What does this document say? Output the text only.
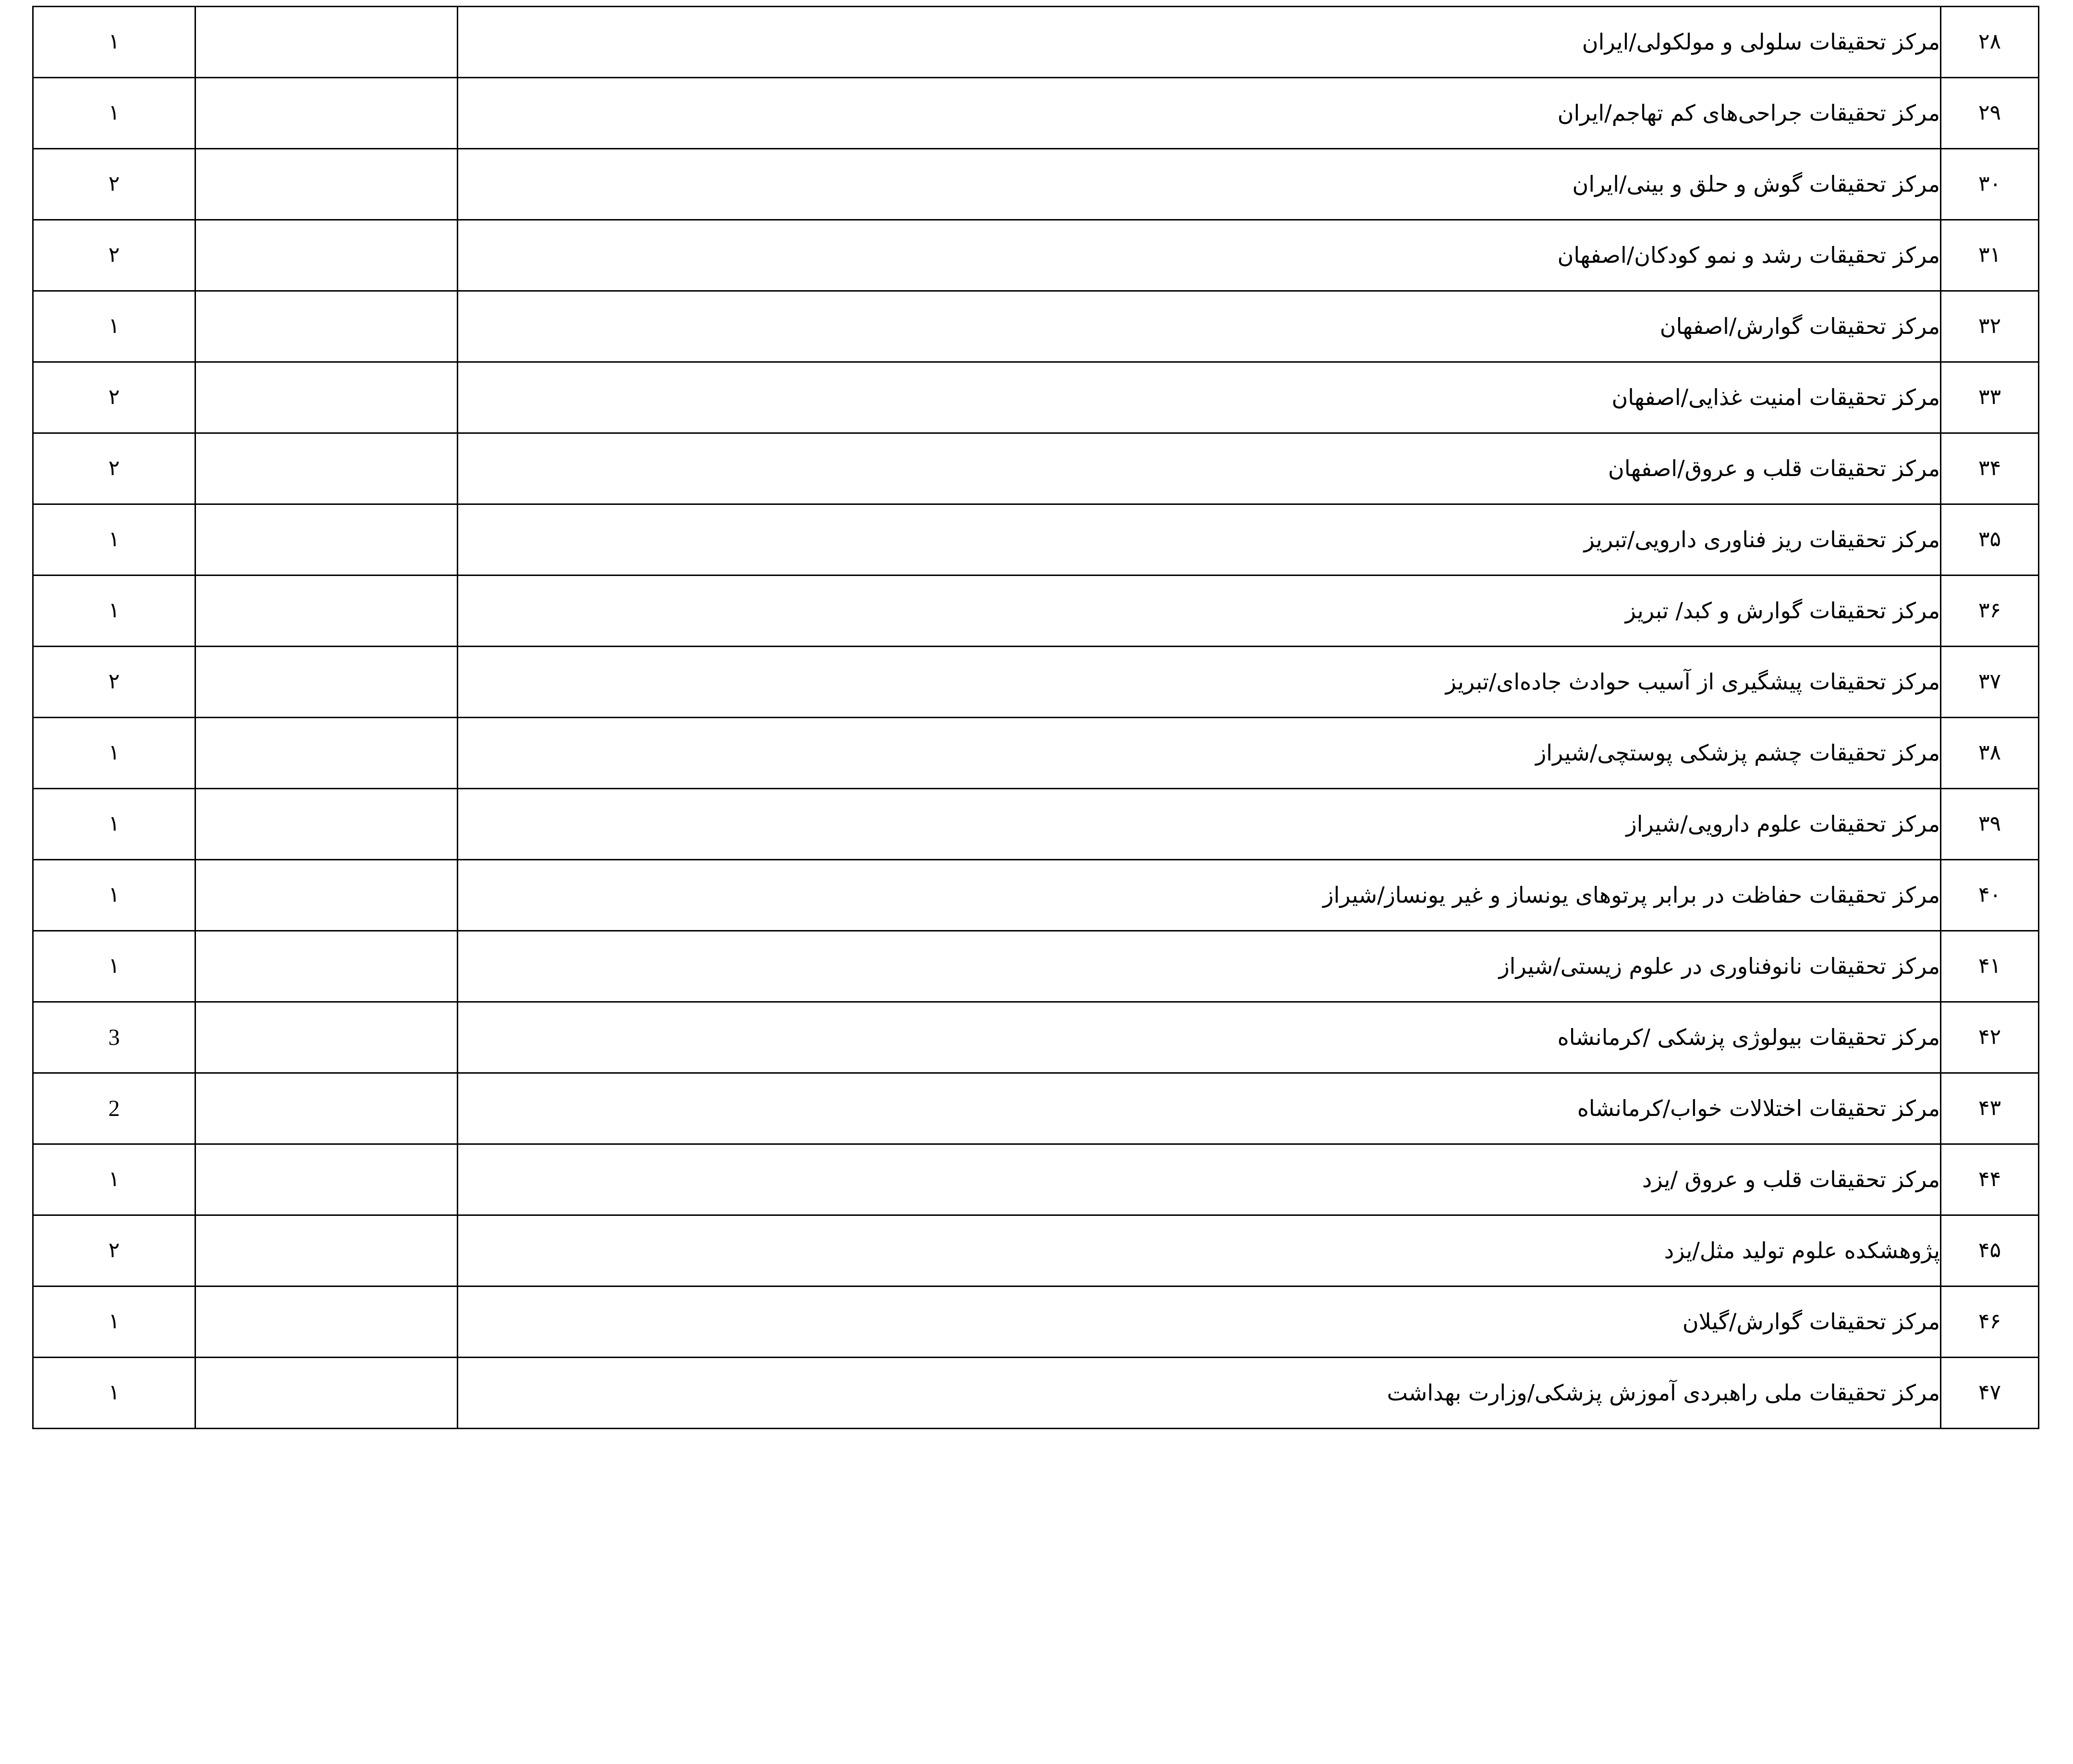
۲۸	مرکز تحقیقات سلولی و مولکولی/ایران		۱
۲۹	مرکز تحقیقات جراحی‌های کم تهاجم/ایران		۱
۳۰	مرکز تحقیقات گوش و حلق و بینی/ایران		۲
۳۱	مرکز تحقیقات رشد و نمو کودکان/اصفهان		۲
۳۲	مرکز تحقیقات گوارش/اصفهان		۱
۳۳	مرکز تحقیقات امنیت غذایی/اصفهان		۲
۳۴	مرکز تحقیقات قلب و عروق/اصفهان		۲
۳۵	مرکز تحقیقات ریز فناوری دارویی/تبریز		۱
۳۶	مرکز تحقیقات گوارش و کبد/ تبریز		۱
۳۷	مرکز تحقیقات پیشگیری از آسیب حوادث جاده‌ای/تبریز		۲
۳۸	مرکز تحقیقات چشم پزشکی پوستچی/شیراز		۱
۳۹	مرکز تحقیقات علوم دارویی/شیراز		۱
۴۰	مرکز تحقیقات حفاظت در برابر پرتوهای یونساز و غیر یونساز/شیراز		۱
۴۱	مرکز تحقیقات نانوفناوری در علوم زیستی/شیراز		۱
۴۲	مرکز تحقیقات بیولوژی پزشکی /کرمانشاه		3
۴۳	مرکز تحقیقات اختلالات خواب/کرمانشاه		2
۴۴	مرکز تحقیقات قلب و عروق /یزد		۱
۴۵	پژوهشکده علوم تولید مثل/یزد		۲
۴۶	مرکز تحقیقات گوارش/گیلان		۱
۴۷	مرکز تحقیقات ملی راهبردی آموزش پزشکی/وزارت بهداشت		۱
